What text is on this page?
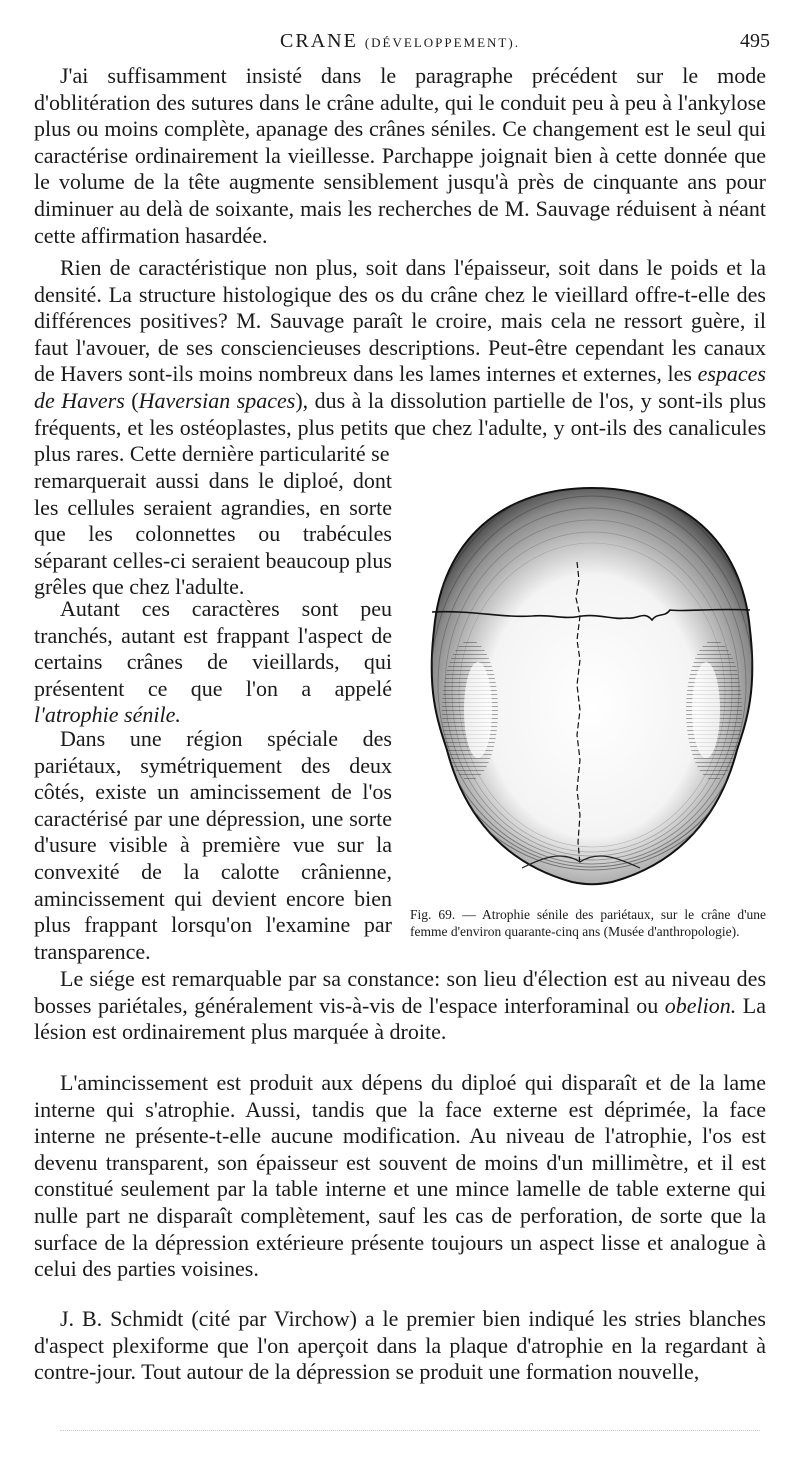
CRANE (DÉVELOPPEMENT).	495

J'ai suffisamment insisté dans le paragraphe précédent sur le mode d'oblitération des sutures dans le crâne adulte, qui le conduit peu à peu à l'ankylose plus ou moins complète, apanage des crânes séniles. Ce changement est le seul qui caractérise ordinairement la vieillesse. Parchappe joignait bien à cette donnée que le volume de la tête augmente sensiblement jusqu'à près de cinquante ans pour diminuer au delà de soixante, mais les recherches de M. Sauvage réduisent à néant cette affirmation hasardée.

Rien de caractéristique non plus, soit dans l'épaisseur, soit dans le poids et la densité. La structure histologique des os du crâne chez le vieillard offre-t-elle des différences positives? M. Sauvage paraît le croire, mais cela ne ressort guère, il faut l'avouer, de ses consciencieuses descriptions. Peut-être cependant les canaux de Havers sont-ils moins nombreux dans les lames internes et externes, les espaces de Havers (Haversian spaces), dus à la dissolution partielle de l'os, y sont-ils plus fréquents, et les ostéoplastes, plus petits que chez l'adulte, y ont-ils des canalicules plus rares. Cette dernière particularité se

remarquerait aussi dans le diploé, dont les cellules seraient agrandies, en sorte que les colonnettes ou trabécules séparant celles-ci seraient beaucoup plus grêles que chez l'adulte.

Autant ces caractères sont peu tranchés, autant est frappant l'aspect de certains crânes de vieillards, qui présentent ce que l'on a appelé l'atrophie sénile.

Dans une région spéciale des pariétaux, symétriquement des deux côtés, existe un amincissement de l'os caractérisé par une dépression, une sorte d'usure visible à première vue sur la convexité de la calotte crânienne, amincissement qui devient encore bien plus frappant lorsqu'on l'examine par transparence.

Le siége est remarquable par sa constance: son lieu d'élection est au niveau des bosses pariétales, généralement vis-à-vis de l'espace interforaminal ou obelion. La lésion est ordinairement plus marquée à droite.

L'amincissement est produit aux dépens du diploé qui disparaît et de la lame interne qui s'atrophie. Aussi, tandis que la face externe est déprimée, la face interne ne présente-t-elle aucune modification. Au niveau de l'atrophie, l'os est devenu transparent, son épaisseur est souvent de moins d'un millimètre, et il est constitué seulement par la table interne et une mince lamelle de table externe qui nulle part ne disparaît complètement, sauf les cas de perforation, de sorte que la surface de la dépression extérieure présente toujours un aspect lisse et analogue à celui des parties voisines.

J. B. Schmidt (cité par Virchow) a le premier bien indiqué les stries blanches d'aspect plexiforme que l'on aperçoit dans la plaque d'atrophie en la regardant à contre-jour. Tout autour de la dépression se produit une formation nouvelle,

Fig. 69. — Atrophie sénile des pariétaux, sur le crâne d'une femme d'environ quarante-cinq ans (Musée d'anthropologie).
